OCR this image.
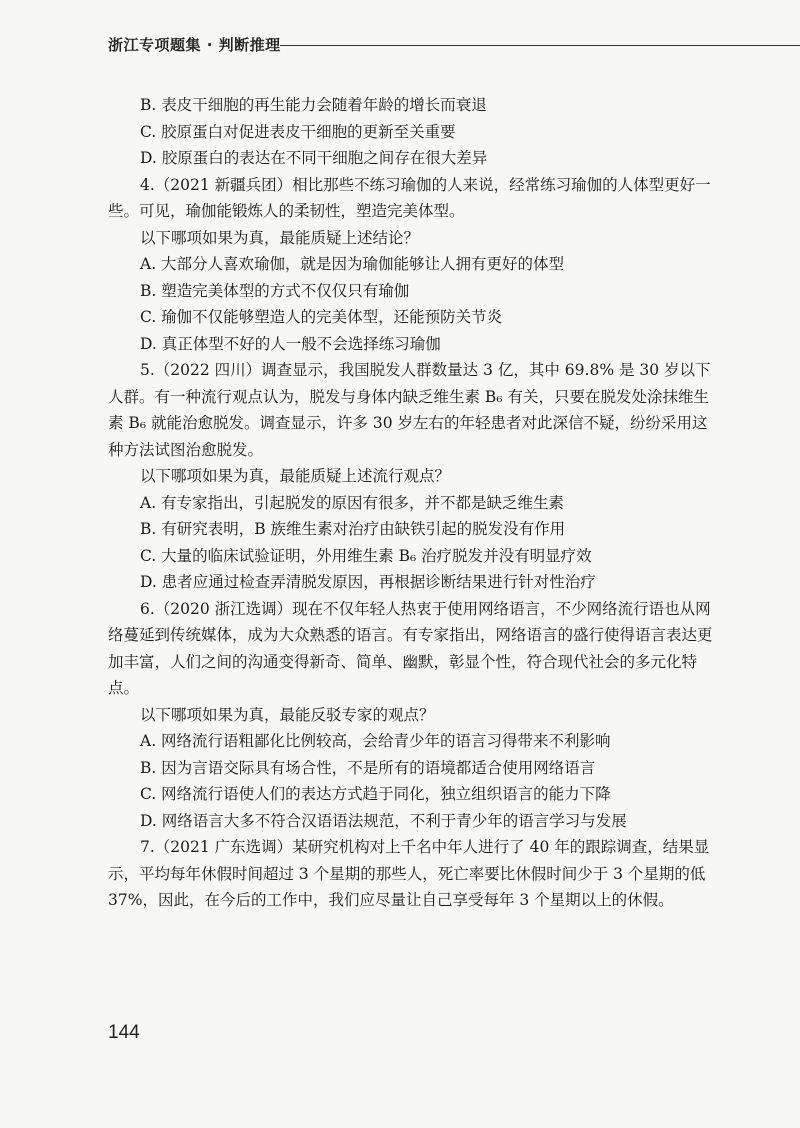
浙江专项题集 · 判断推理

B. 表皮干细胞的再生能力会随着年龄的增长而衰退

C. 胶原蛋白对促进表皮干细胞的更新至关重要

D. 胶原蛋白的表达在不同干细胞之间存在很大差异

4.（2021 新疆兵团）相比那些不练习瑜伽的人来说，经常练习瑜伽的人体型更好一些。可见，瑜伽能锻炼人的柔韧性，塑造完美体型。

以下哪项如果为真，最能质疑上述结论？

A. 大部分人喜欢瑜伽，就是因为瑜伽能够让人拥有更好的体型

B. 塑造完美体型的方式不仅仅只有瑜伽

C. 瑜伽不仅能够塑造人的完美体型，还能预防关节炎

D. 真正体型不好的人一般不会选择练习瑜伽

5.（2022 四川）调查显示，我国脱发人群数量达 3 亿，其中 69.8% 是 30 岁以下人群。有一种流行观点认为，脱发与身体内缺乏维生素 B₆ 有关，只要在脱发处涂抹维生素 B₆ 就能治愈脱发。调查显示，许多 30 岁左右的年轻患者对此深信不疑，纷纷采用这种方法试图治愈脱发。

以下哪项如果为真，最能质疑上述流行观点？

A. 有专家指出，引起脱发的原因有很多，并不都是缺乏维生素

B. 有研究表明，B 族维生素对治疗由缺铁引起的脱发没有作用

C. 大量的临床试验证明，外用维生素 B₆ 治疗脱发并没有明显疗效

D. 患者应通过检查弄清脱发原因，再根据诊断结果进行针对性治疗

6.（2020 浙江选调）现在不仅年轻人热衷于使用网络语言，不少网络流行语也从网络蔓延到传统媒体，成为大众熟悉的语言。有专家指出，网络语言的盛行使得语言表达更加丰富，人们之间的沟通变得新奇、简单、幽默，彰显个性，符合现代社会的多元化特点。

以下哪项如果为真，最能反驳专家的观点？

A. 网络流行语粗鄙化比例较高，会给青少年的语言习得带来不利影响

B. 因为言语交际具有场合性，不是所有的语境都适合使用网络语言

C. 网络流行语使人们的表达方式趋于同化，独立组织语言的能力下降

D. 网络语言大多不符合汉语语法规范，不利于青少年的语言学习与发展

7.（2021 广东选调）某研究机构对上千名中年人进行了 40 年的跟踪调查，结果显示，平均每年休假时间超过 3 个星期的那些人，死亡率要比休假时间少于 3 个星期的低 37%，因此，在今后的工作中，我们应尽量让自己享受每年 3 个星期以上的休假。

144
